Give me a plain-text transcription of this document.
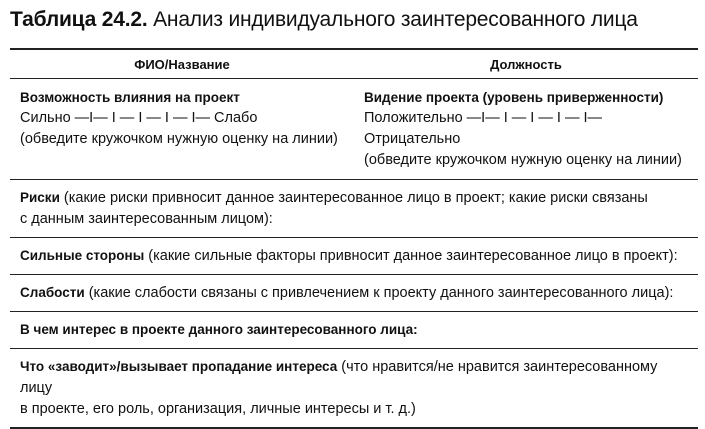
Таблица 24.2. Анализ индивидуального заинтересованного лица
ФИО/Название	Должность
Возможность влияния на проект
Сильно —I— I — I — I — I— Слабо
(обведите кружочком нужную оценку на линии)
Видение проекта (уровень приверженности)
Положительно —I— I — I — I — I—
Отрицательно
(обведите кружочком нужную оценку на линии)
Риски (какие риски привносит данное заинтересованное лицо в проект; какие риски связаны
с данным заинтересованным лицом):
Сильные стороны (какие сильные факторы привносит данное заинтересованное лицо в проект):
Слабости (какие слабости связаны с привлечением к проекту данного заинтересованного лица):
В чем интерес в проекте данного заинтересованного лица:
Что «заводит»/вызывает пропадание интереса (что нравится/не нравится заинтересованному лицу
в проекте, его роль, организация, личные интересы и т. д.)
